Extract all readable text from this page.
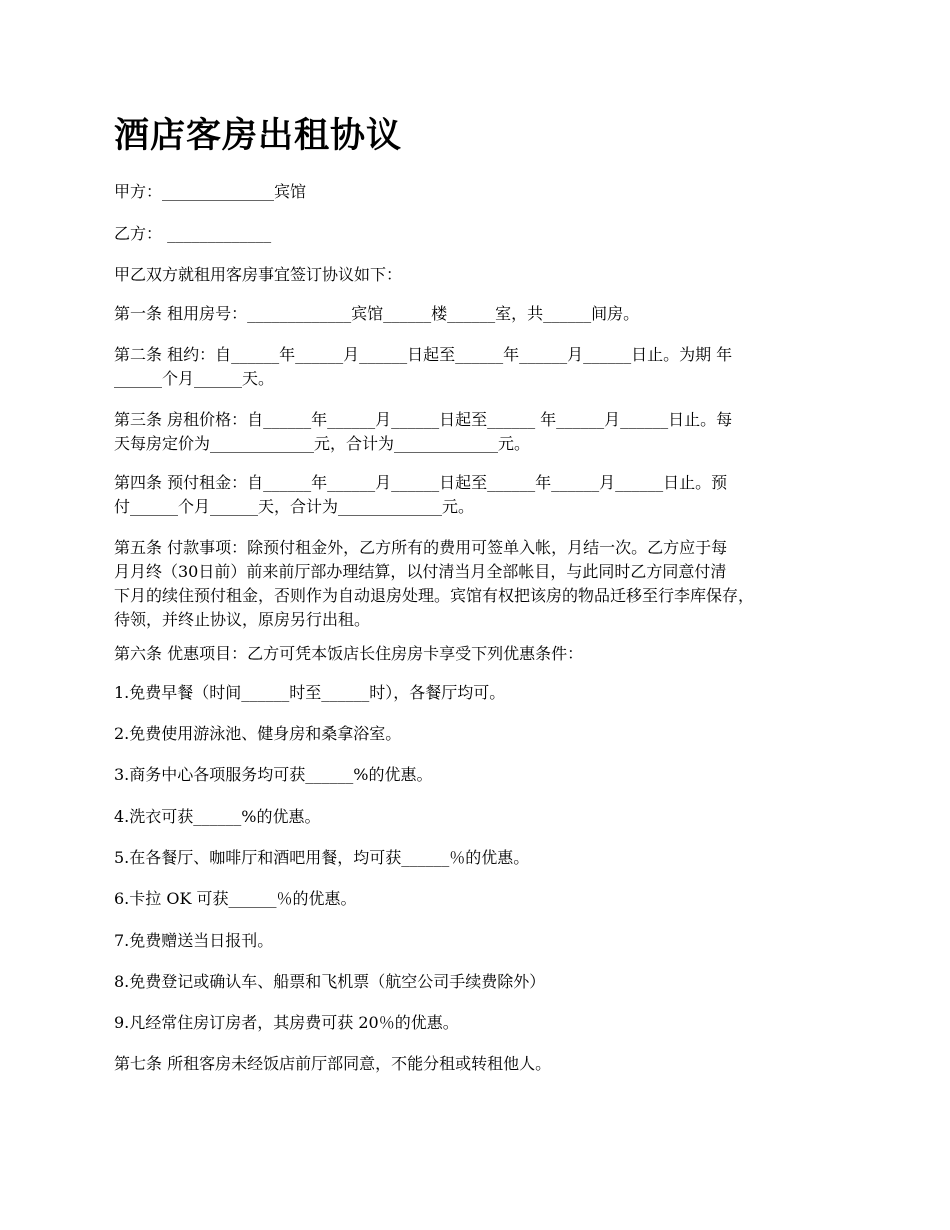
酒店客房出租协议

甲方：______________宾馆

乙方： _____________

甲乙双方就租用客房事宜签订协议如下：

第一条 租用房号：_____________宾馆______楼______室，共______间房。

第二条 租约：自______年______月______日起至______年______月______日止。为期 年
______个月______天。

第三条 房租价格：自______年______月______日起至______ 年______月______日止。每
天每房定价为_____________元，合计为_____________元。

第四条 预付租金：自______年______月______日起至______年______月______日止。预
付______个月______天，合计为_____________元。

第五条 付款事项：除预付租金外，乙方所有的费用可签单入帐，月结一次。乙方应于每
月月终（30日前）前来前厅部办理结算，以付清当月全部帐目，与此同时乙方同意付清
下月的续住预付租金，否则作为自动退房处理。宾馆有权把该房的物品迁移至行李库保存，
待领，并终止协议，原房另行出租。

第六条 优惠项目：乙方可凭本饭店长住房房卡享受下列优惠条件：

1.免费早餐（时间______时至______时），各餐厅均可。

2.免费使用游泳池、健身房和桑拿浴室。

3.商务中心各项服务均可获______%的优惠。

4.洗衣可获______%的优惠。

5.在各餐厅、咖啡厅和酒吧用餐，均可获______％的优惠。

6.卡拉 OK 可获______％的优惠。

7.免费赠送当日报刊。

8.免费登记或确认车、船票和飞机票（航空公司手续费除外）

9.凡经常住房订房者，其房费可获 20％的优惠。

第七条 所租客房未经饭店前厅部同意，不能分租或转租他人。
